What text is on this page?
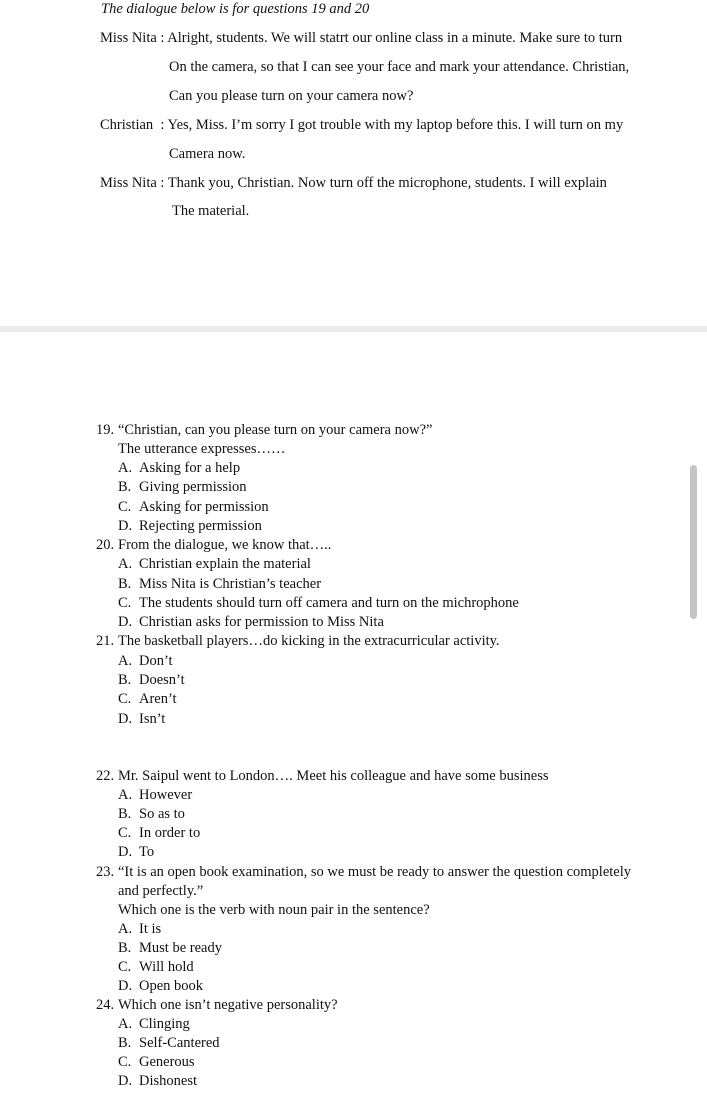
The dialogue below is for questions 19 and 20
Miss Nita : Alright, students. We will statrt our online class in a minute. Make sure to turn
On the camera, so that I can see your face and mark your attendance. Christian,
Can you please turn on your camera now?
Christian  : Yes, Miss. I’m sorry I got trouble with my laptop before this. I will turn on my
Camera now.
Miss Nita : Thank you, Christian. Now turn off the microphone, students. I will explain
The material.
19. “Christian, can you please turn on your camera now?”
The utterance expresses……
A. Asking for a help
B. Giving permission
C. Asking for permission
D. Rejecting permission
20. From the dialogue, we know that…..
A. Christian explain the material
B. Miss Nita is Christian’s teacher
C. The students should turn off camera and turn on the michrophone
D. Christian asks for permission to Miss Nita
21. The basketball players…do kicking in the extracurricular activity.
A. Don’t
B. Doesn’t
C. Aren’t
D. Isn’t
22. Mr. Saipul went to London…. Meet his colleague and have some business
A. However
B. So as to
C. In order to
D. To
23. “It is an open book examination, so we must be ready to answer the question completely
and perfectly.”
Which one is the verb with noun pair in the sentence?
A. It is
B. Must be ready
C. Will hold
D. Open book
24. Which one isn’t negative personality?
A. Clinging
B. Self-Cantered
C. Generous
D. Dishonest
